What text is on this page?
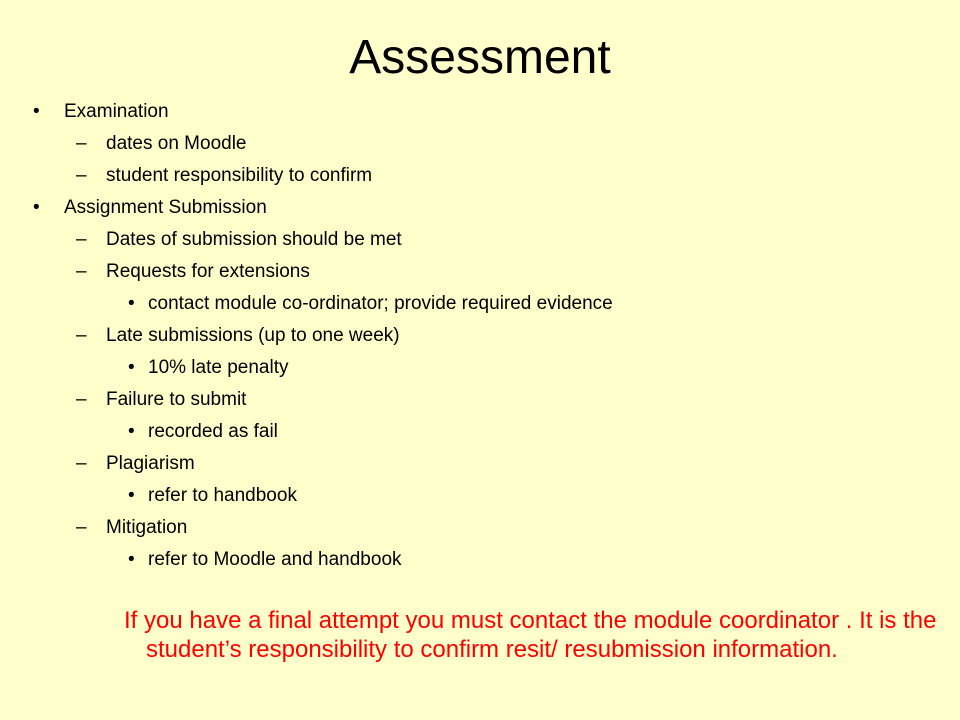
Assessment
• Examination
– dates on Moodle
– student responsibility to confirm
• Assignment Submission
– Dates of submission should be met
– Requests for extensions
• contact module co-ordinator; provide required evidence
– Late submissions (up to one week)
• 10% late penalty
– Failure to submit
• recorded as fail
– Plagiarism
• refer to handbook
– Mitigation
• refer to Moodle and handbook
If you have a final attempt you must contact the module coordinator . It is the student’s responsibility to confirm resit/ resubmission information.
